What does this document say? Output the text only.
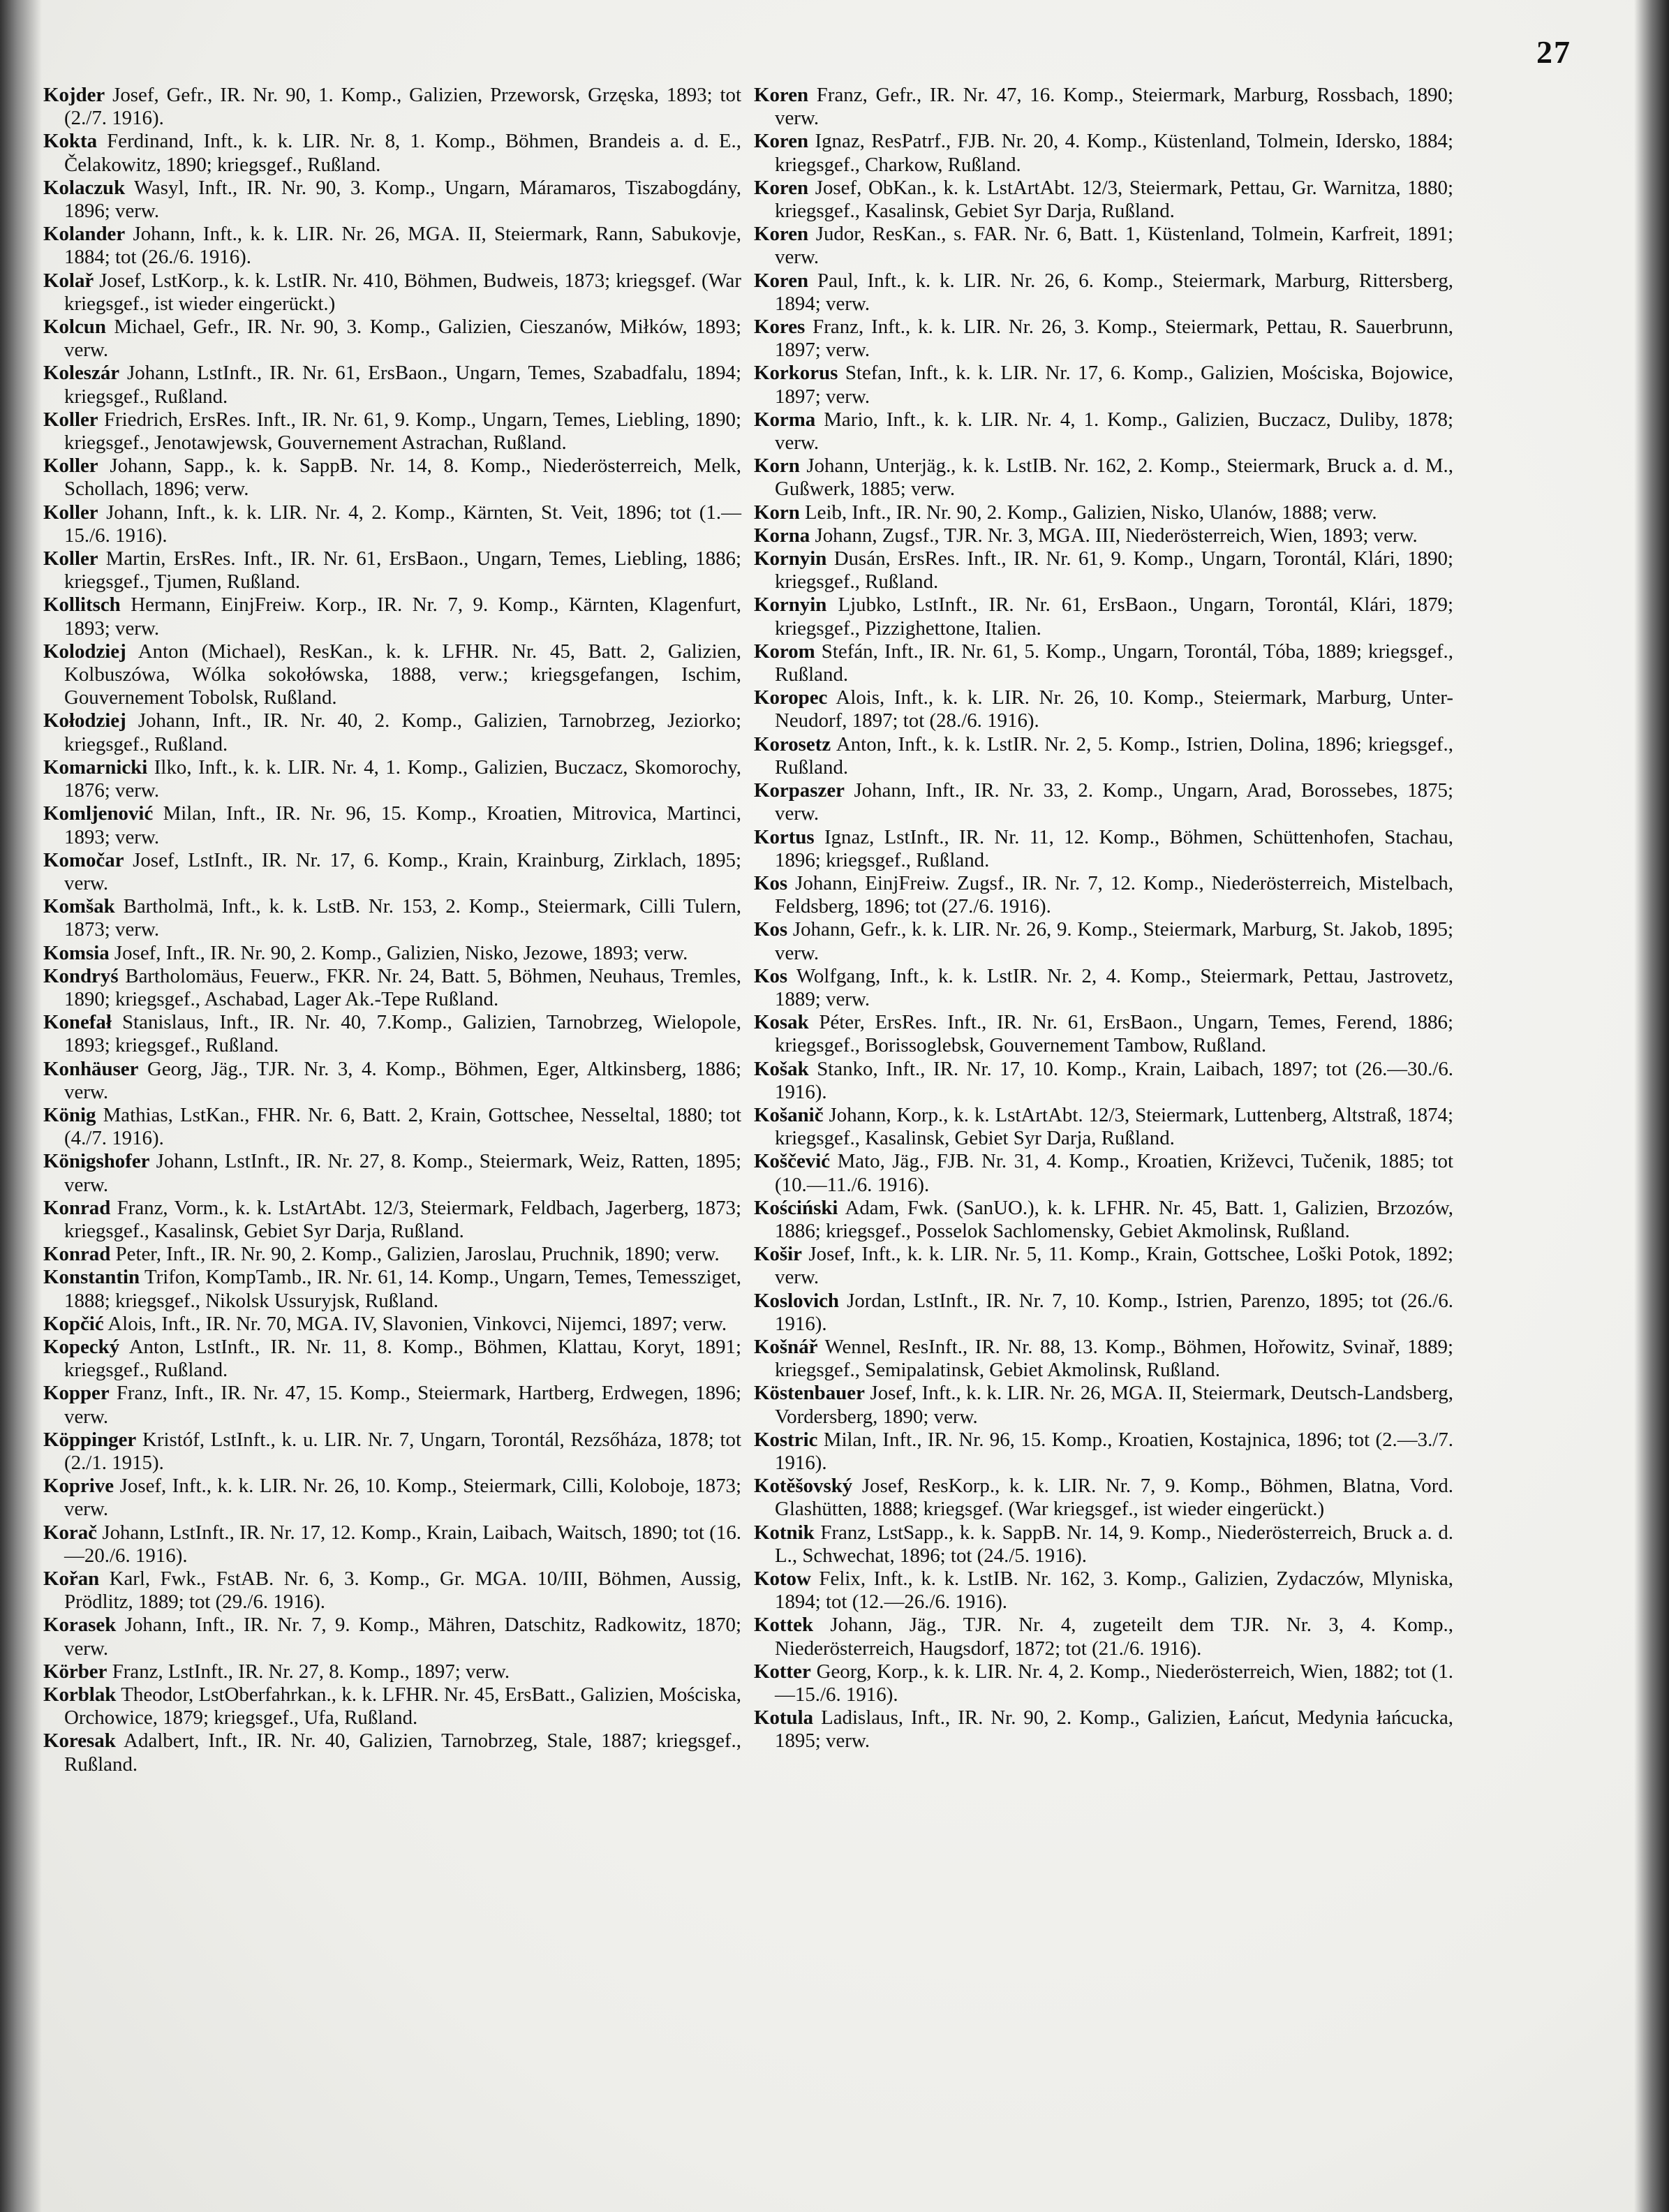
27

Kojder Josef, Gefr., IR. Nr. 90, 1. Komp., Galizien, Przeworsk, Grzęska, 1893; tot (2./7. 1916).

Kokta Ferdinand, Inft., k. k. LIR. Nr. 8, 1. Komp., Böhmen, Brandeis a. d. E., Čelakowitz, 1890; kriegsgef., Rußland.

Kolaczuk Wasyl, Inft., IR. Nr. 90, 3. Komp., Ungarn, Máramaros, Tiszabogdány, 1896; verw.

Kolander Johann, Inft., k. k. LIR. Nr. 26, MGA. II, Steiermark, Rann, Sabukovje, 1884; tot (26./6. 1916).

Kolař Josef, LstKorp., k. k. LstIR. Nr. 410, Böhmen, Budweis, 1873; kriegsgef. (War kriegsgef., ist wieder eingerückt.)

Kolcun Michael, Gefr., IR. Nr. 90, 3. Komp., Galizien, Cieszanów, Miłków, 1893; verw.

Koleszár Johann, LstInft., IR. Nr. 61, ErsBaon., Ungarn, Temes, Szabadfalu, 1894; kriegsgef., Rußland.

Koller Friedrich, ErsRes. Inft., IR. Nr. 61, 9. Komp., Ungarn, Temes, Liebling, 1890; kriegsgef., Jenotawjewsk, Gouvernement Astrachan, Rußland.

Koller Johann, Sapp., k. k. SappB. Nr. 14, 8. Komp., Niederösterreich, Melk, Schollach, 1896; verw.

Koller Johann, Inft., k. k. LIR. Nr. 4, 2. Komp., Kärnten, St. Veit, 1896; tot (1.—15./6. 1916).

Koller Martin, ErsRes. Inft., IR. Nr. 61, ErsBaon., Ungarn, Temes, Liebling, 1886; kriegsgef., Tjumen, Rußland.

Kollitsch Hermann, EinjFreiw. Korp., IR. Nr. 7, 9. Komp., Kärnten, Klagenfurt, 1893; verw.

Kolodziej Anton (Michael), ResKan., k. k. LFHR. Nr. 45, Batt. 2, Galizien, Kolbuszówa, Wólka sokołówska, 1888, verw.; kriegsgefangen, Ischim, Gouvernement Tobolsk, Rußland.

Kołodziej Johann, Inft., IR. Nr. 40, 2. Komp., Galizien, Tarnobrzeg, Jeziorko; kriegsgef., Rußland.

Komarnicki Ilko, Inft., k. k. LIR. Nr. 4, 1. Komp., Galizien, Buczacz, Skomorochy, 1876; verw.

Komljenović Milan, Inft., IR. Nr. 96, 15. Komp., Kroatien, Mitrovica, Martinci, 1893; verw.

Komočar Josef, LstInft., IR. Nr. 17, 6. Komp., Krain, Krainburg, Zirklach, 1895; verw.

Komšak Bartholmä, Inft., k. k. LstB. Nr. 153, 2. Komp., Steiermark, Cilli Tulern, 1873; verw.

Komsia Josef, Inft., IR. Nr. 90, 2. Komp., Galizien, Nisko, Jezowe, 1893; verw.

Kondryś Bartholomäus, Feuerw., FKR. Nr. 24, Batt. 5, Böhmen, Neuhaus, Tremles, 1890; kriegsgef., Aschabad, Lager Ak.-Tepe Rußland.

Konefał Stanislaus, Inft., IR. Nr. 40, 7.Komp., Galizien, Tarnobrzeg, Wielopole, 1893; kriegsgef., Rußland.

Konhäuser Georg, Jäg., TJR. Nr. 3, 4. Komp., Böhmen, Eger, Altkinsberg, 1886; verw.

König Mathias, LstKan., FHR. Nr. 6, Batt. 2, Krain, Gottschee, Nesseltal, 1880; tot (4./7. 1916).

Königshofer Johann, LstInft., IR. Nr. 27, 8. Komp., Steiermark, Weiz, Ratten, 1895; verw.

Konrad Franz, Vorm., k. k. LstArtAbt. 12/3, Steiermark, Feldbach, Jagerberg, 1873; kriegsgef., Kasalinsk, Gebiet Syr Darja, Rußland.

Konrad Peter, Inft., IR. Nr. 90, 2. Komp., Galizien, Jaroslau, Pruchnik, 1890; verw.

Konstantin Trifon, KompTamb., IR. Nr. 61, 14. Komp., Ungarn, Temes, Temessziget, 1888; kriegsgef., Nikolsk Ussuryjsk, Rußland.

Kopčić Alois, Inft., IR. Nr. 70, MGA. IV, Slavonien, Vinkovci, Nijemci, 1897; verw.

Kopecký Anton, LstInft., IR. Nr. 11, 8. Komp., Böhmen, Klattau, Koryt, 1891; kriegsgef., Rußland.

Kopper Franz, Inft., IR. Nr. 47, 15. Komp., Steiermark, Hartberg, Erdwegen, 1896; verw.

Köppinger Kristóf, LstInft., k. u. LIR. Nr. 7, Ungarn, Torontál, Rezsőháza, 1878; tot (2./1. 1915).

Koprive Josef, Inft., k. k. LIR. Nr. 26, 10. Komp., Steiermark, Cilli, Koloboje, 1873; verw.

Korač Johann, LstInft., IR. Nr. 17, 12. Komp., Krain, Laibach, Waitsch, 1890; tot (16.—20./6. 1916).

Kořan Karl, Fwk., FstAB. Nr. 6, 3. Komp., Gr. MGA. 10/III, Böhmen, Aussig, Prödlitz, 1889; tot (29./6. 1916).

Korasek Johann, Inft., IR. Nr. 7, 9. Komp., Mähren, Datschitz, Radkowitz, 1870; verw.

Körber Franz, LstInft., IR. Nr. 27, 8. Komp., 1897; verw.

Korblak Theodor, LstOberfahrkan., k. k. LFHR. Nr. 45, ErsBatt., Galizien, Mościska, Orchowice, 1879; kriegsgef., Ufa, Rußland.

Koresak Adalbert, Inft., IR. Nr. 40, Galizien, Tarnobrzeg, Stale, 1887; kriegsgef., Rußland.

Koren Franz, Gefr., IR. Nr. 47, 16. Komp., Steiermark, Marburg, Rossbach, 1890; verw.

Koren Ignaz, ResPatrf., FJB. Nr. 20, 4. Komp., Küstenland, Tolmein, Idersko, 1884; kriegsgef., Charkow, Rußland.

Koren Josef, ObKan., k. k. LstArtAbt. 12/3, Steiermark, Pettau, Gr. Warnitza, 1880; kriegsgef., Kasalinsk, Gebiet Syr Darja, Rußland.

Koren Judor, ResKan., s. FAR. Nr. 6, Batt. 1, Küstenland, Tolmein, Karfreit, 1891; verw.

Koren Paul, Inft., k. k. LIR. Nr. 26, 6. Komp., Steiermark, Marburg, Rittersberg, 1894; verw.

Kores Franz, Inft., k. k. LIR. Nr. 26, 3. Komp., Steiermark, Pettau, R. Sauerbrunn, 1897; verw.

Korkorus Stefan, Inft., k. k. LIR. Nr. 17, 6. Komp., Galizien, Mościska, Bojowice, 1897; verw.

Korma Mario, Inft., k. k. LIR. Nr. 4, 1. Komp., Galizien, Buczacz, Duliby, 1878; verw.

Korn Johann, Unterjäg., k. k. LstIB. Nr. 162, 2. Komp., Steiermark, Bruck a. d. M., Gußwerk, 1885; verw.

Korn Leib, Inft., IR. Nr. 90, 2. Komp., Galizien, Nisko, Ulanów, 1888; verw.

Korna Johann, Zugsf., TJR. Nr. 3, MGA. III, Niederösterreich, Wien, 1893; verw.

Kornyin Dusán, ErsRes. Inft., IR. Nr. 61, 9. Komp., Ungarn, Torontál, Klári, 1890; kriegsgef., Rußland.

Kornyin Ljubko, LstInft., IR. Nr. 61, ErsBaon., Ungarn, Torontál, Klári, 1879; kriegsgef., Pizzighettone, Italien.

Korom Stefán, Inft., IR. Nr. 61, 5. Komp., Ungarn, Torontál, Tóba, 1889; kriegsgef., Rußland.

Koropec Alois, Inft., k. k. LIR. Nr. 26, 10. Komp., Steiermark, Marburg, Unter-Neudorf, 1897; tot (28./6. 1916).

Korosetz Anton, Inft., k. k. LstIR. Nr. 2, 5. Komp., Istrien, Dolina, 1896; kriegsgef., Rußland.

Korpaszer Johann, Inft., IR. Nr. 33, 2. Komp., Ungarn, Arad, Borossebes, 1875; verw.

Kortus Ignaz, LstInft., IR. Nr. 11, 12. Komp., Böhmen, Schüttenhofen, Stachau, 1896; kriegsgef., Rußland.

Kos Johann, EinjFreiw. Zugsf., IR. Nr. 7, 12. Komp., Niederösterreich, Mistelbach, Feldsberg, 1896; tot (27./6. 1916).

Kos Johann, Gefr., k. k. LIR. Nr. 26, 9. Komp., Steiermark, Marburg, St. Jakob, 1895; verw.

Kos Wolfgang, Inft., k. k. LstIR. Nr. 2, 4. Komp., Steiermark, Pettau, Jastrovetz, 1889; verw.

Kosak Péter, ErsRes. Inft., IR. Nr. 61, ErsBaon., Ungarn, Temes, Ferend, 1886; kriegsgef., Borissoglebsk, Gouvernement Tambow, Rußland.

Košak Stanko, Inft., IR. Nr. 17, 10. Komp., Krain, Laibach, 1897; tot (26.—30./6. 1916).

Košanič Johann, Korp., k. k. LstArtAbt. 12/3, Steiermark, Luttenberg, Altstraß, 1874; kriegsgef., Kasalinsk, Gebiet Syr Darja, Rußland.

Koščević Mato, Jäg., FJB. Nr. 31, 4. Komp., Kroatien, Križevci, Tučenik, 1885; tot (10.—11./6. 1916).

Kościński Adam, Fwk. (SanUO.), k. k. LFHR. Nr. 45, Batt. 1, Galizien, Brzozów, 1886; kriegsgef., Posselok Sachlomensky, Gebiet Akmolinsk, Rußland.

Košir Josef, Inft., k. k. LIR. Nr. 5, 11. Komp., Krain, Gottschee, Loški Potok, 1892; verw.

Koslovich Jordan, LstInft., IR. Nr. 7, 10. Komp., Istrien, Parenzo, 1895; tot (26./6. 1916).

Košnář Wennel, ResInft., IR. Nr. 88, 13. Komp., Böhmen, Hořowitz, Svinař, 1889; kriegsgef., Semipalatinsk, Gebiet Akmolinsk, Rußland.

Köstenbauer Josef, Inft., k. k. LIR. Nr. 26, MGA. II, Steiermark, Deutsch-Landsberg, Vordersberg, 1890; verw.

Kostric Milan, Inft., IR. Nr. 96, 15. Komp., Kroatien, Kostajnica, 1896; tot (2.—3./7. 1916).

Kotěšovský Josef, ResKorp., k. k. LIR. Nr. 7, 9. Komp., Böhmen, Blatna, Vord. Glashütten, 1888; kriegsgef. (War kriegsgef., ist wieder eingerückt.)

Kotnik Franz, LstSapp., k. k. SappB. Nr. 14, 9. Komp., Niederösterreich, Bruck a. d. L., Schwechat, 1896; tot (24./5. 1916).

Kotow Felix, Inft., k. k. LstIB. Nr. 162, 3. Komp., Galizien, Zydaczów, Mlyniska, 1894; tot (12.—26./6. 1916).

Kottek Johann, Jäg., TJR. Nr. 4, zugeteilt dem TJR. Nr. 3, 4. Komp., Niederösterreich, Haugsdorf, 1872; tot (21./6. 1916).

Kotter Georg, Korp., k. k. LIR. Nr. 4, 2. Komp., Niederösterreich, Wien, 1882; tot (1.—15./6. 1916).

Kotula Ladislaus, Inft., IR. Nr. 90, 2. Komp., Galizien, Łańcut, Medynia łańcucka, 1895; verw.
